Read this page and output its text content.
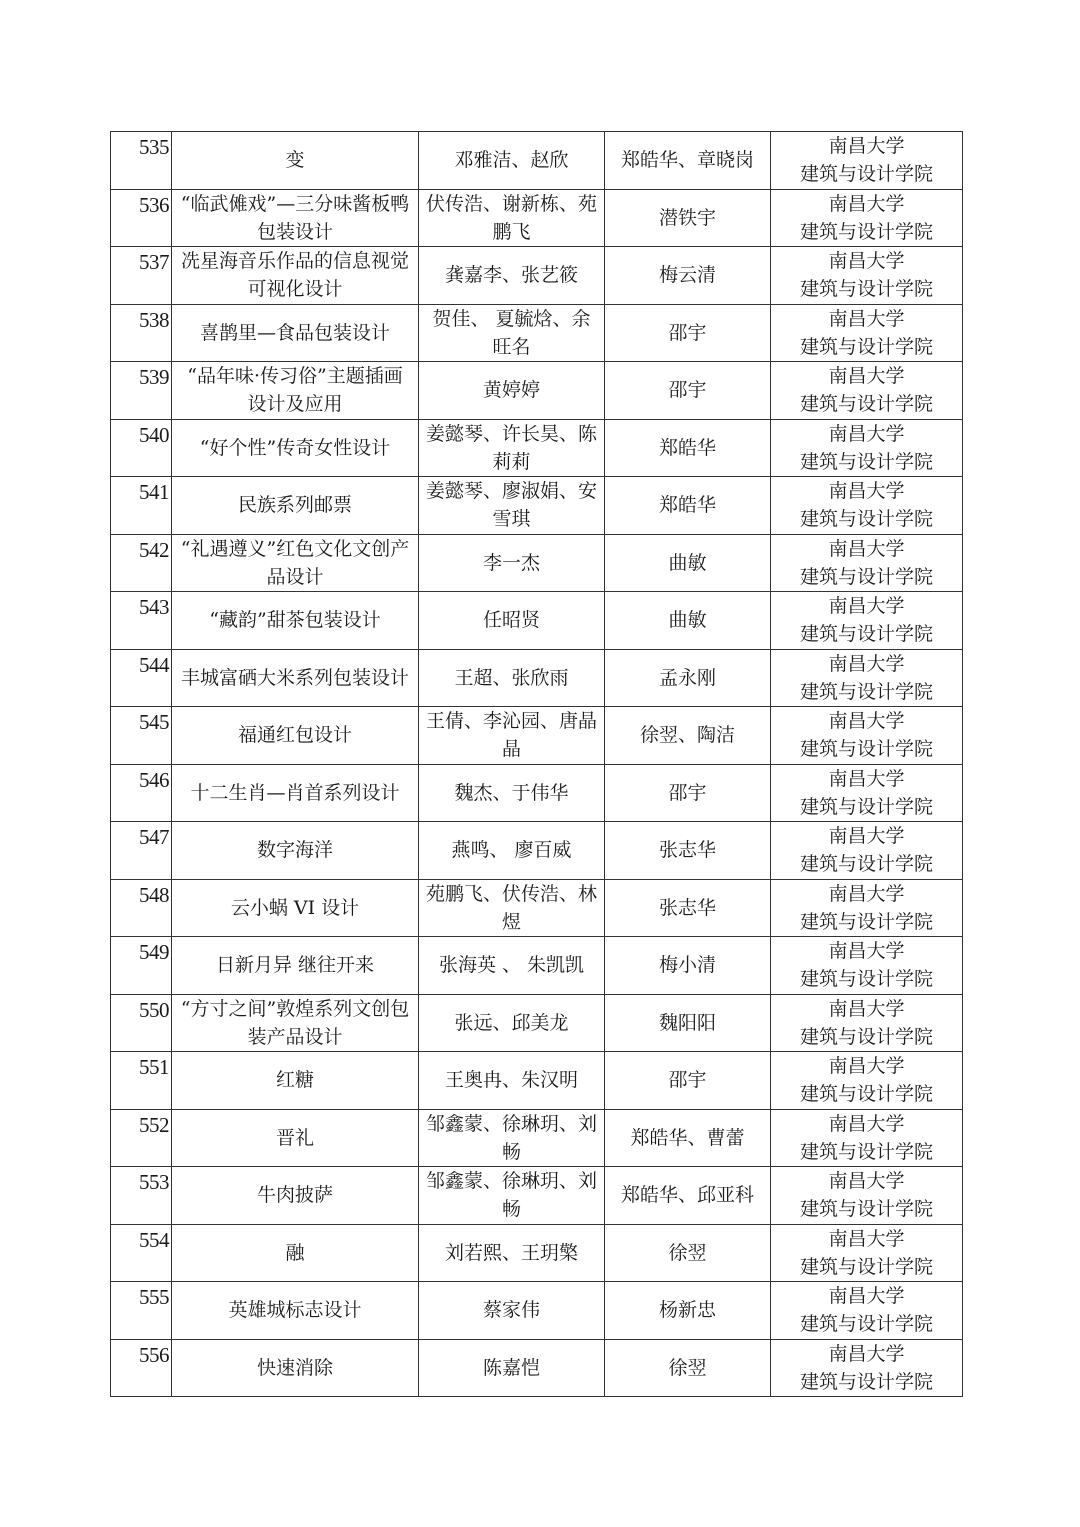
535	变	邓雅洁、赵欣	郑皓华、章晓岗	南昌大学
建筑与设计学院

536	“临武傩戏”—三分味酱板鸭包装设计	伏传浩、谢新栋、苑鹏飞	潜铁宇	南昌大学
建筑与设计学院

537	冼星海音乐作品的信息视觉可视化设计	龚嘉李、张艺筱	梅云清	南昌大学
建筑与设计学院

538	喜鹊里—食品包装设计	贺佳、 夏毓焓、余旺名	邵宇	南昌大学
建筑与设计学院

539	“品年味·传习俗”主题插画设计及应用	黄婷婷	邵宇	南昌大学
建筑与设计学院

540	“好个性”传奇女性设计	姜懿琴、许长昊、陈莉莉	郑皓华	南昌大学
建筑与设计学院

541	民族系列邮票	姜懿琴、廖淑娟、安雪琪	郑皓华	南昌大学
建筑与设计学院

542	“礼遇遵义”红色文化文创产品设计	李一杰	曲敏	南昌大学
建筑与设计学院

543	“藏韵”甜茶包装设计	任昭贤	曲敏	南昌大学
建筑与设计学院

544	丰城富硒大米系列包装设计	王超、张欣雨	孟永刚	南昌大学
建筑与设计学院

545	福通红包设计	王倩、李沁园、唐晶晶	徐翌、陶洁	南昌大学
建筑与设计学院

546	十二生肖—肖首系列设计	魏杰、于伟华	邵宇	南昌大学
建筑与设计学院

547	数字海洋	燕鸣、 廖百威	张志华	南昌大学
建筑与设计学院

548	云小蜗 VI 设计	苑鹏飞、伏传浩、林煜	张志华	南昌大学
建筑与设计学院

549	日新月异 继往开来	张海英 、 朱凯凯	梅小清	南昌大学
建筑与设计学院

550	“方寸之间”敦煌系列文创包装产品设计	张远、邱美龙	魏阳阳	南昌大学
建筑与设计学院

551	红糖	王奥冉、朱汉明	邵宇	南昌大学
建筑与设计学院

552	晋礼	邹鑫蒙、徐琳玥、刘畅	郑皓华、曹蕾	南昌大学
建筑与设计学院

553	牛肉披萨	邹鑫蒙、徐琳玥、刘畅	郑皓华、邱亚科	南昌大学
建筑与设计学院

554	融	刘若熙、王玥檠	徐翌	南昌大学
建筑与设计学院

555	英雄城标志设计	蔡家伟	杨新忠	南昌大学
建筑与设计学院

556	快速消除	陈嘉恺	徐翌	南昌大学
建筑与设计学院
